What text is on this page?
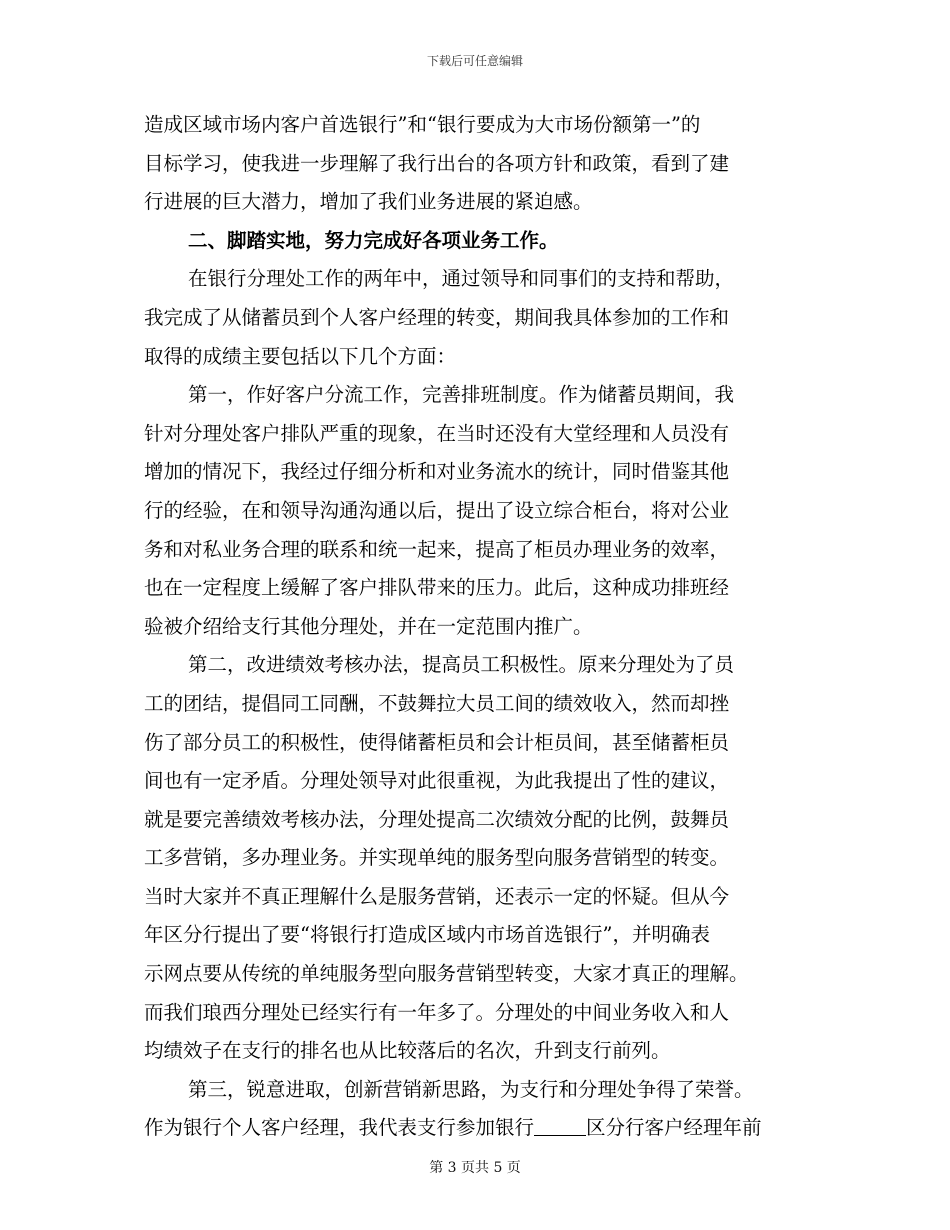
下载后可任意编辑
造成区域市场内客户首选银行”和“银行要成为大市场份额第一”的
目标学习，使我进一步理解了我行出台的各项方针和政策，看到了建
行进展的巨大潜力，增加了我们业务进展的紧迫感。
二、脚踏实地，努力完成好各项业务工作。
在银行分理处工作的两年中，通过领导和同事们的支持和帮助，
我完成了从储蓄员到个人客户经理的转变，期间我具体参加的工作和
取得的成绩主要包括以下几个方面：
第一，作好客户分流工作，完善排班制度。作为储蓄员期间，我
针对分理处客户排队严重的现象，在当时还没有大堂经理和人员没有
增加的情况下，我经过仔细分析和对业务流水的统计，同时借鉴其他
行的经验，在和领导沟通沟通以后，提出了设立综合柜台，将对公业
务和对私业务合理的联系和统一起来，提高了柜员办理业务的效率，
也在一定程度上缓解了客户排队带来的压力。此后，这种成功排班经
验被介绍给支行其他分理处，并在一定范围内推广。
第二，改进绩效考核办法，提高员工积极性。原来分理处为了员
工的团结，提倡同工同酬，不鼓舞拉大员工间的绩效收入，然而却挫
伤了部分员工的积极性，使得储蓄柜员和会计柜员间，甚至储蓄柜员
间也有一定矛盾。分理处领导对此很重视，为此我提出了性的建议，
就是要完善绩效考核办法，分理处提高二次绩效分配的比例，鼓舞员
工多营销，多办理业务。并实现单纯的服务型向服务营销型的转变。
当时大家并不真正理解什么是服务营销，还表示一定的怀疑。但从今
年区分行提出了要“将银行打造成区域内市场首选银行”，并明确表
示网点要从传统的单纯服务型向服务营销型转变，大家才真正的理解。
而我们琅西分理处已经实行有一年多了。分理处的中间业务收入和人
均绩效子在支行的排名也从比较落后的名次，升到支行前列。
第三，锐意进取，创新营销新思路，为支行和分理处争得了荣誉。
作为银行个人客户经理，我代表支行参加银行	区分行客户经理年前
第 3 页共 5 页
